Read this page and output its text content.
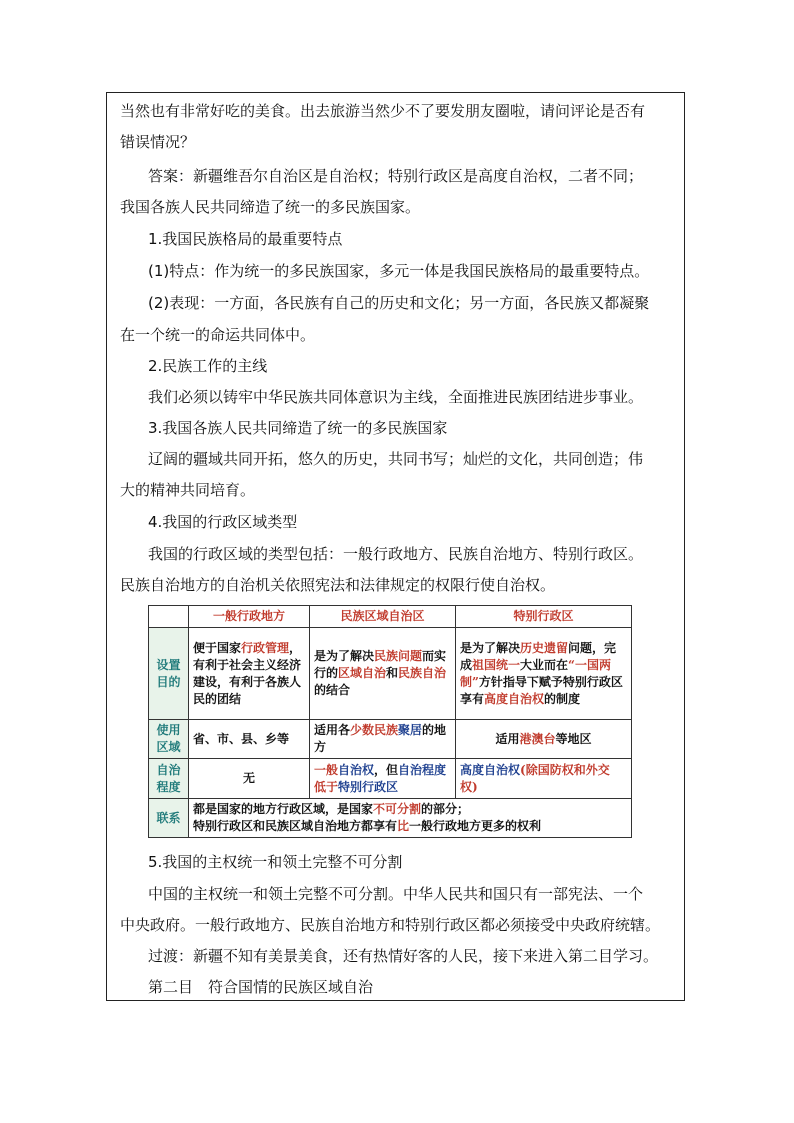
当然也有非常好吃的美食。出去旅游当然少不了要发朋友圈啦，请问评论是否有
错误情况？
答案：新疆维吾尔自治区是自治权；特别行政区是高度自治权，二者不同；
我国各族人民共同缔造了统一的多民族国家。
1.我国民族格局的最重要特点
(1)特点：作为统一的多民族国家，多元一体是我国民族格局的最重要特点。
(2)表现：一方面，各民族有自己的历史和文化；另一方面，各民族又都凝聚
在一个统一的命运共同体中。
2.民族工作的主线
我们必须以铸牢中华民族共同体意识为主线，全面推进民族团结进步事业。
3.我国各族人民共同缔造了统一的多民族国家
辽阔的疆域共同开拓，悠久的历史，共同书写；灿烂的文化，共同创造；伟
大的精神共同培育。
4.我国的行政区域类型
我国的行政区域的类型包括：一般行政地方、民族自治地方、特别行政区。
民族自治地方的自治机关依照宪法和法律规定的权限行使自治权。
	一般行政地方	民族区域自治区	特别行政区
设置目的	便于国家行政管理，有利于社会主义经济建设，有利于各族人民的团结	是为了解决民族问题而实行的区域自治和民族自治的结合	是为了解决历史遗留问题，完成祖国统一大业而在“一国两制”方针指导下赋予特别行政区享有高度自治权的制度
使用区域	省、市、县、乡等	适用各少数民族聚居的地方	适用港澳台等地区
自治程度	无	一般自治权，但自治程度低于特别行政区	高度自治权(除国防权和外交权)
联系	都是国家的地方行政区域，是国家不可分割的部分；
特别行政区和民族区域自治地方都享有比一般行政地方更多的权利		
5.我国的主权统一和领土完整不可分割
中国的主权统一和领土完整不可分割。中华人民共和国只有一部宪法、一个
中央政府。一般行政地方、民族自治地方和特别行政区都必须接受中央政府统辖。
过渡：新疆不知有美景美食，还有热情好客的人民，接下来进入第二目学习。
第二目　符合国情的民族区域自治
